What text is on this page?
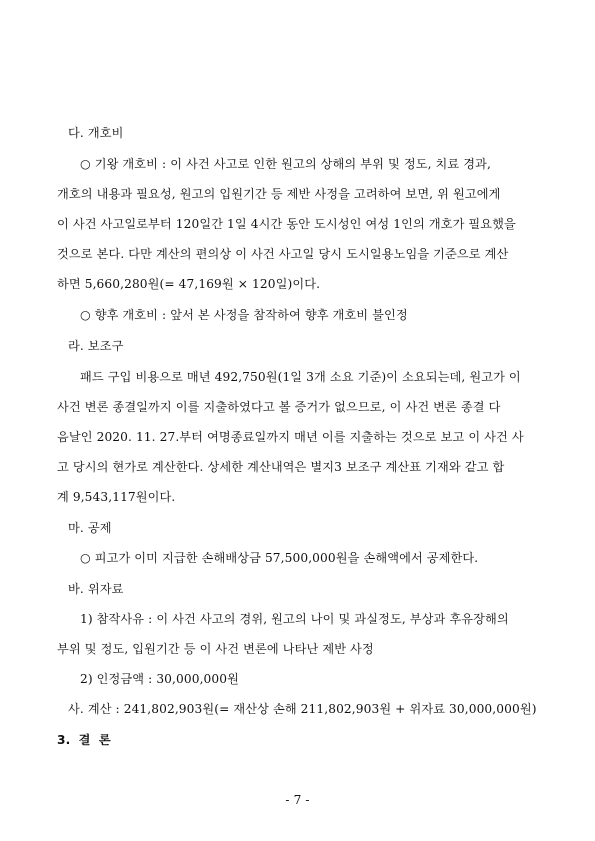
다. 개호비
○ 기왕 개호비 : 이 사건 사고로 인한 원고의 상해의 부위 및 정도, 치료 경과,
개호의 내용과 필요성, 원고의 입원기간 등 제반 사정을 고려하여 보면, 위 원고에게
이 사건 사고일로부터 120일간 1일 4시간 동안 도시성인 여성 1인의 개호가 필요했을
것으로 본다. 다만 계산의 편의상 이 사건 사고일 당시 도시일용노임을 기준으로 계산
하면 5,660,280원(= 47,169원 × 120일)이다.
○ 향후 개호비 : 앞서 본 사정을 참작하여 향후 개호비 불인정
라. 보조구
패드 구입 비용으로 매년 492,750원(1일 3개 소요 기준)이 소요되는데, 원고가 이
사건 변론 종결일까지 이를 지출하였다고 볼 증거가 없으므로, 이 사건 변론 종결 다
음날인 2020. 11. 27.부터 여명종료일까지 매년 이를 지출하는 것으로 보고 이 사건 사
고 당시의 현가로 계산한다. 상세한 계산내역은 별지3 보조구 계산표 기재와 같고 합
계 9,543,117원이다.
마. 공제
○ 피고가 이미 지급한 손해배상금 57,500,000원을 손해액에서 공제한다.
바. 위자료
1) 참작사유 : 이 사건 사고의 경위, 원고의 나이 및 과실정도, 부상과 후유장해의
부위 및 정도, 입원기간 등 이 사건 변론에 나타난 제반 사정
2) 인정금액 : 30,000,000원
사. 계산 : 241,802,903원(= 재산상 손해 211,802,903원 + 위자료 30,000,000원)
3. 결 론
- 7 -
